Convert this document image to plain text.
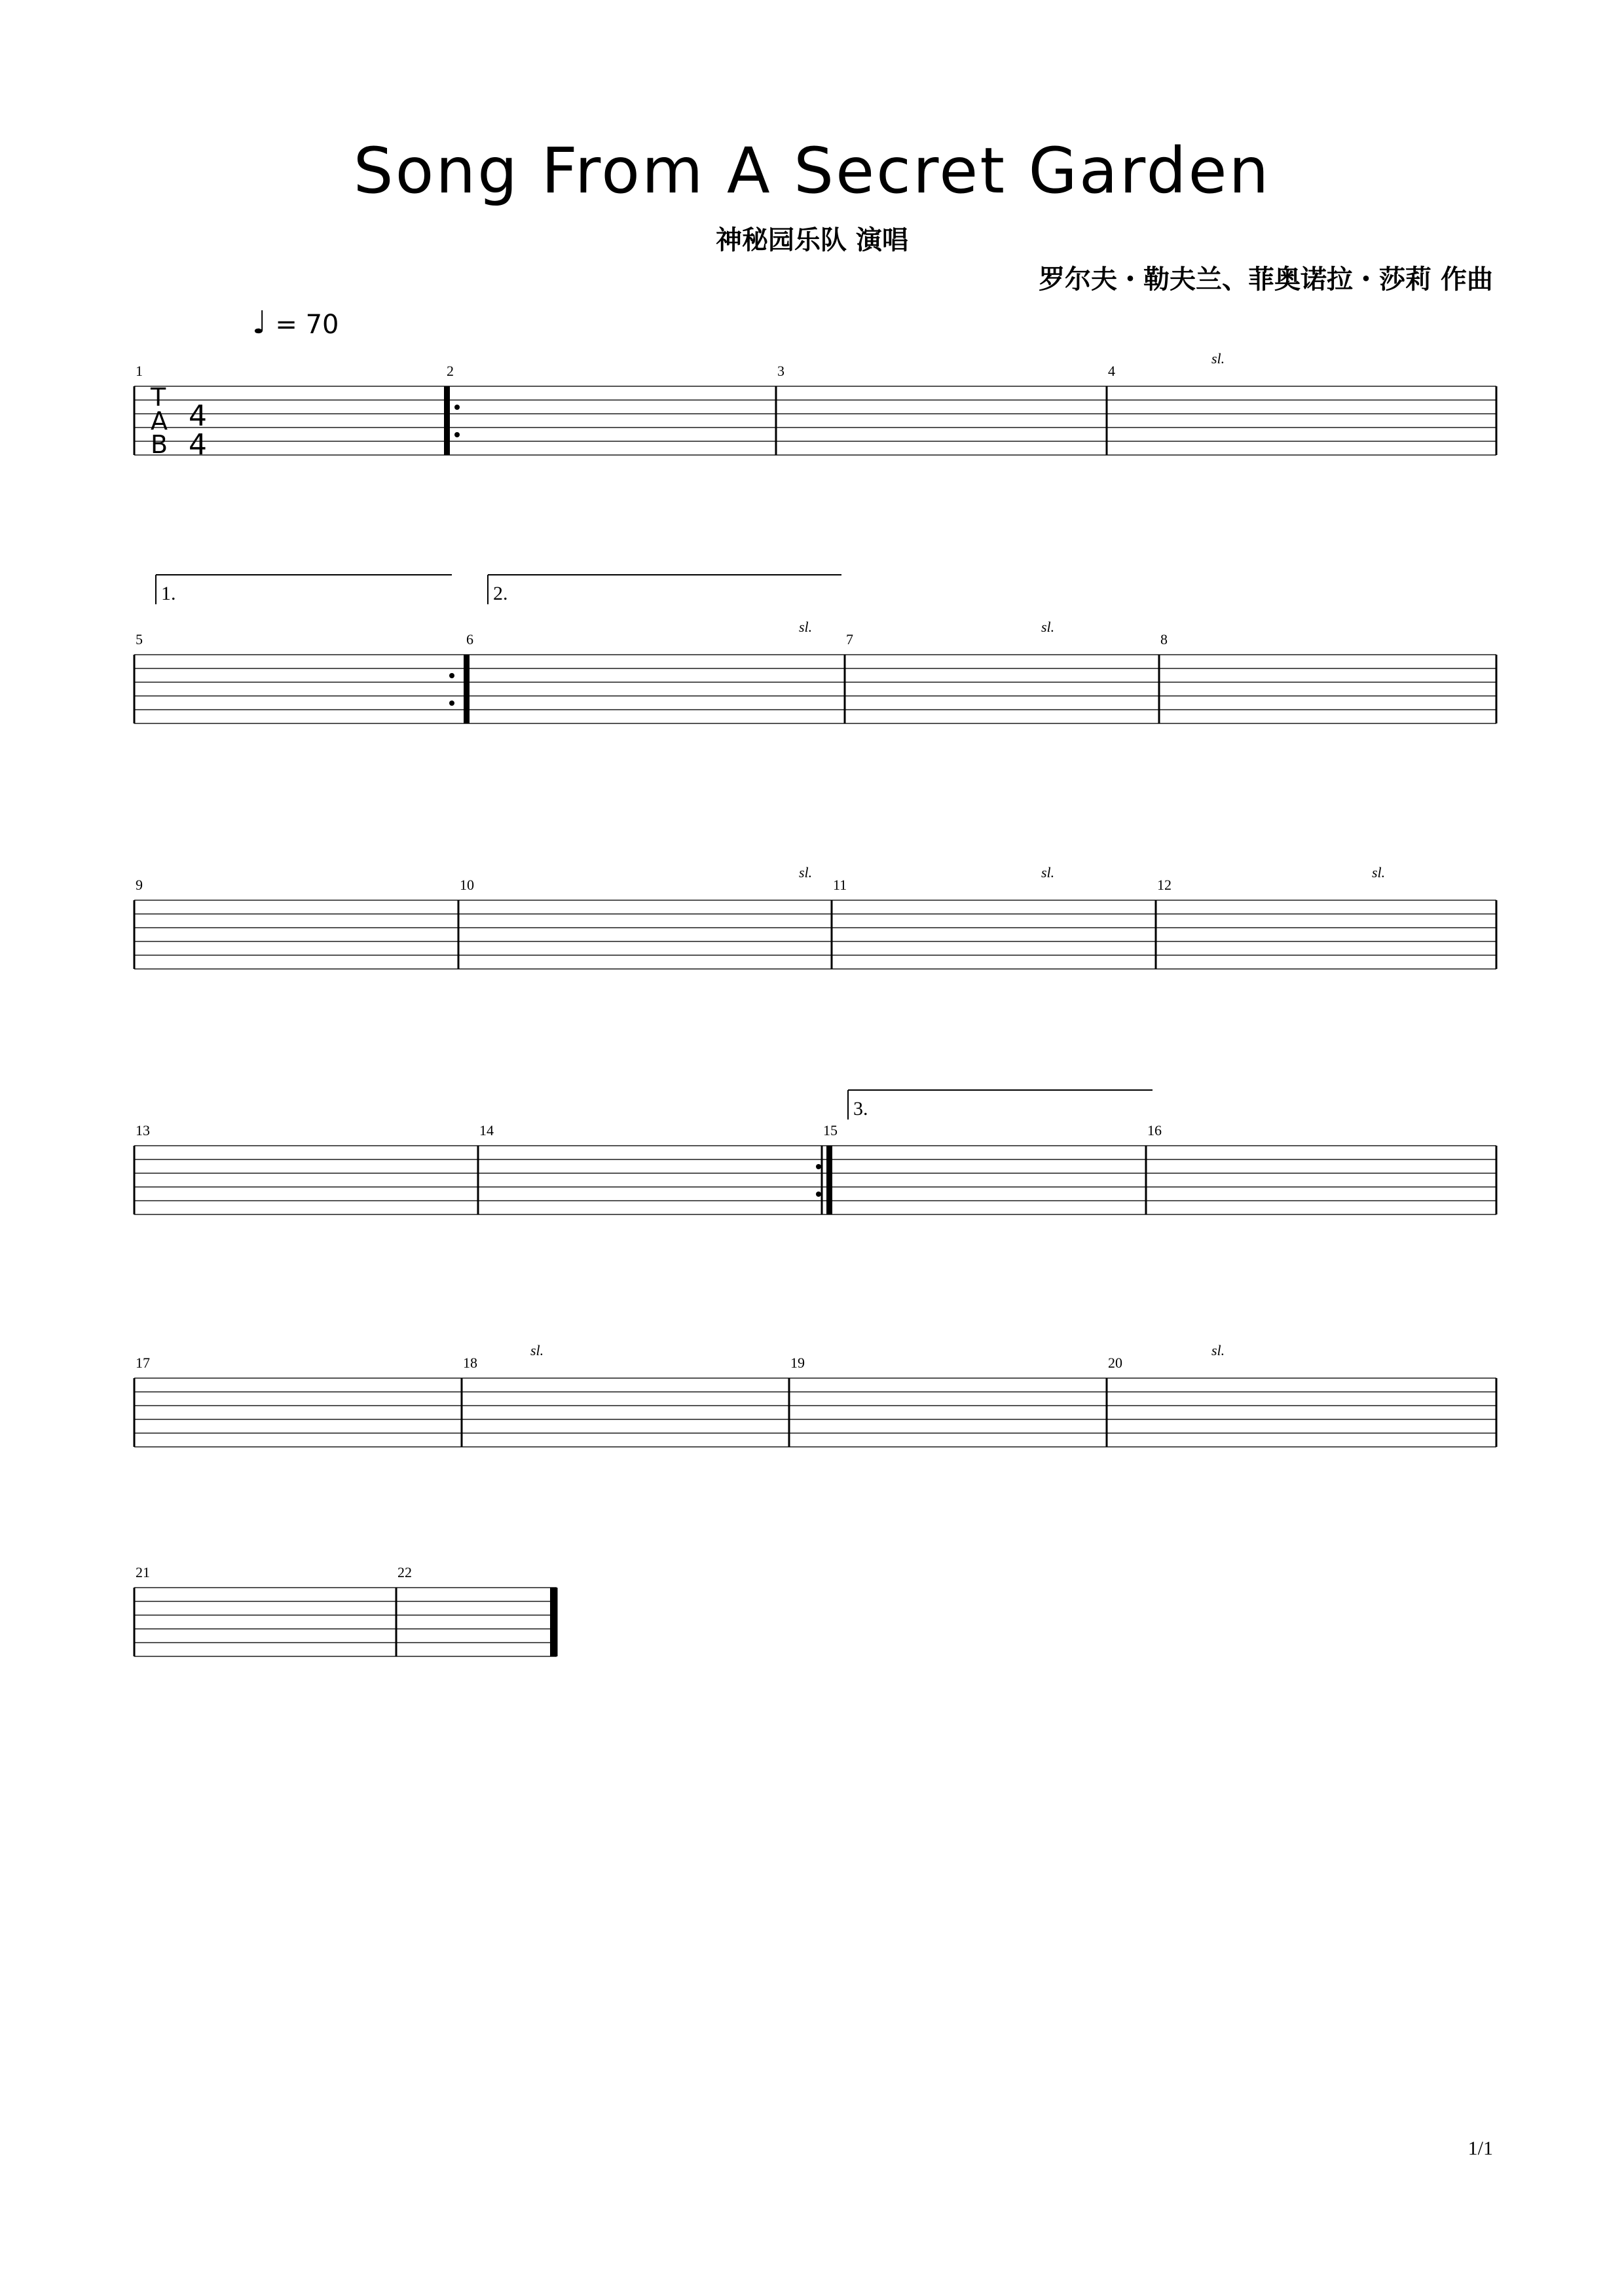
Song From A Secret Garden
神秘园乐队 演唱
罗尔夫・勒夫兰、菲奥诺拉・莎莉 作曲
♩ = 70
1	2	3	4
T
A
B
4
4
5	6	7	8
9	10	11	12
13	14	15	16
17	18	19	20
21	22
1.	2.
3.
sl.
sl.	sl.
sl.	sl.	sl.
sl.	sl.
1/1
